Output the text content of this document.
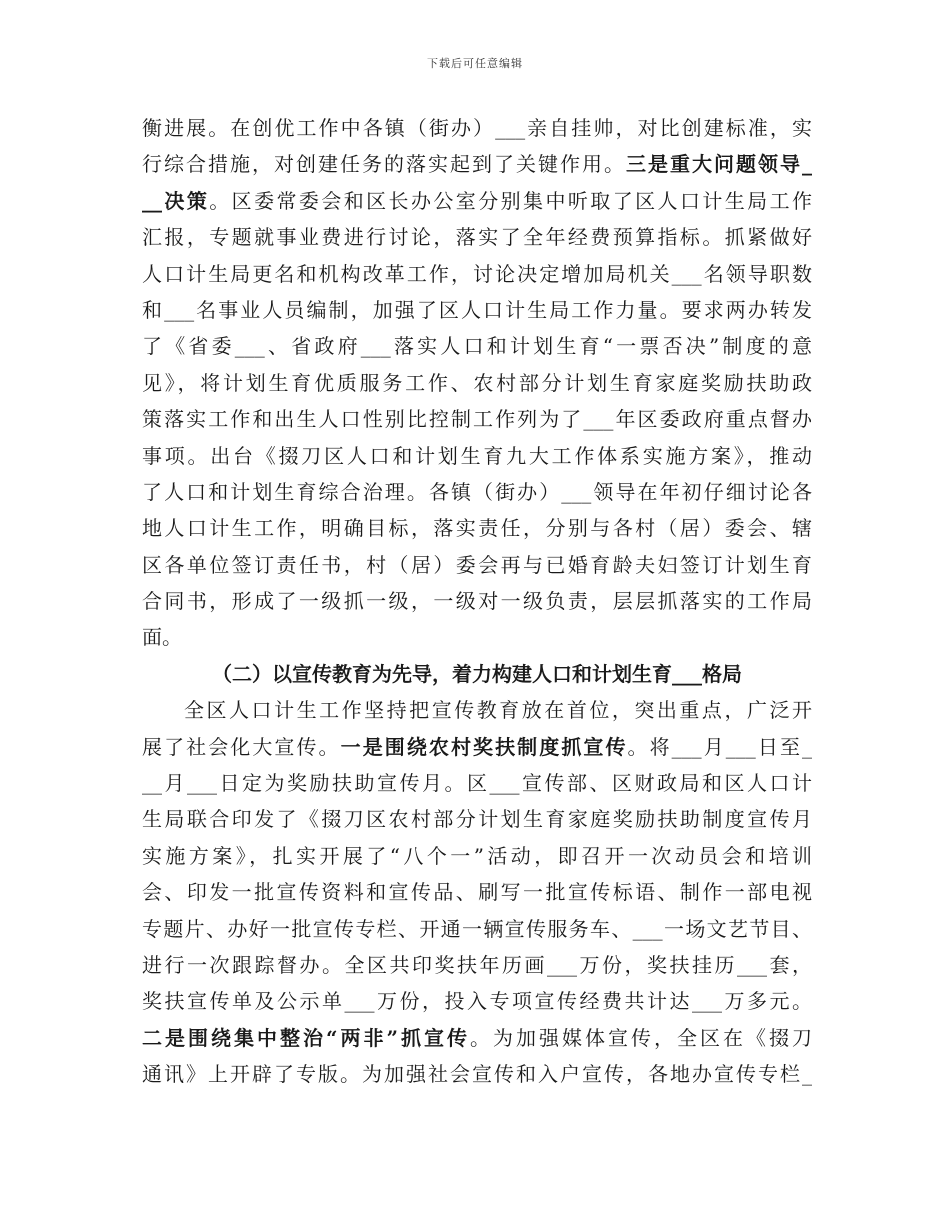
下载后可任意编辑
衡进展。在创优工作中各镇（街办）___亲自挂帅，对比创建标准，实
行综合措施，对创建任务的落实起到了关键作用。三是重大问题领导_
__决策。区委常委会和区长办公室分别集中听取了区人口计生局工作
汇报，专题就事业费进行讨论，落实了全年经费预算指标。抓紧做好
人口计生局更名和机构改革工作，讨论决定增加局机关___名领导职数
和___名事业人员编制，加强了区人口计生局工作力量。要求两办转发
了《省委___、省政府___落实人口和计划生育“一票否决”制度的意
见》，将计划生育优质服务工作、农村部分计划生育家庭奖励扶助政
策落实工作和出生人口性别比控制工作列为了___年区委政府重点督办
事项。出台《掇刀区人口和计划生育九大工作体系实施方案》，推动
了人口和计划生育综合治理。各镇（街办）___领导在年初仔细讨论各
地人口计生工作，明确目标，落实责任，分别与各村（居）委会、辖
区各单位签订责任书，村（居）委会再与已婚育龄夫妇签订计划生育
合同书，形成了一级抓一级，一级对一级负责，层层抓落实的工作局
面。
（二）以宣传教育为先导，着力构建人口和计划生育___格局
全区人口计生工作坚持把宣传教育放在首位，突出重点，广泛开
展了社会化大宣传。一是围绕农村奖扶制度抓宣传。将___月___日至_
__月___日定为奖励扶助宣传月。区___宣传部、区财政局和区人口计
生局联合印发了《掇刀区农村部分计划生育家庭奖励扶助制度宣传月
实施方案》，扎实开展了“八个一”活动，即召开一次动员会和培训
会、印发一批宣传资料和宣传品、刷写一批宣传标语、制作一部电视
专题片、办好一批宣传专栏、开通一辆宣传服务车、___一场文艺节目、
进行一次跟踪督办。全区共印奖扶年历画___万份，奖扶挂历___套，
奖扶宣传单及公示单___万份，投入专项宣传经费共计达___万多元。
二是围绕集中整治“两非”抓宣传。为加强媒体宣传，全区在《掇刀
通讯》上开辟了专版。为加强社会宣传和入户宣传，各地办宣传专栏_
